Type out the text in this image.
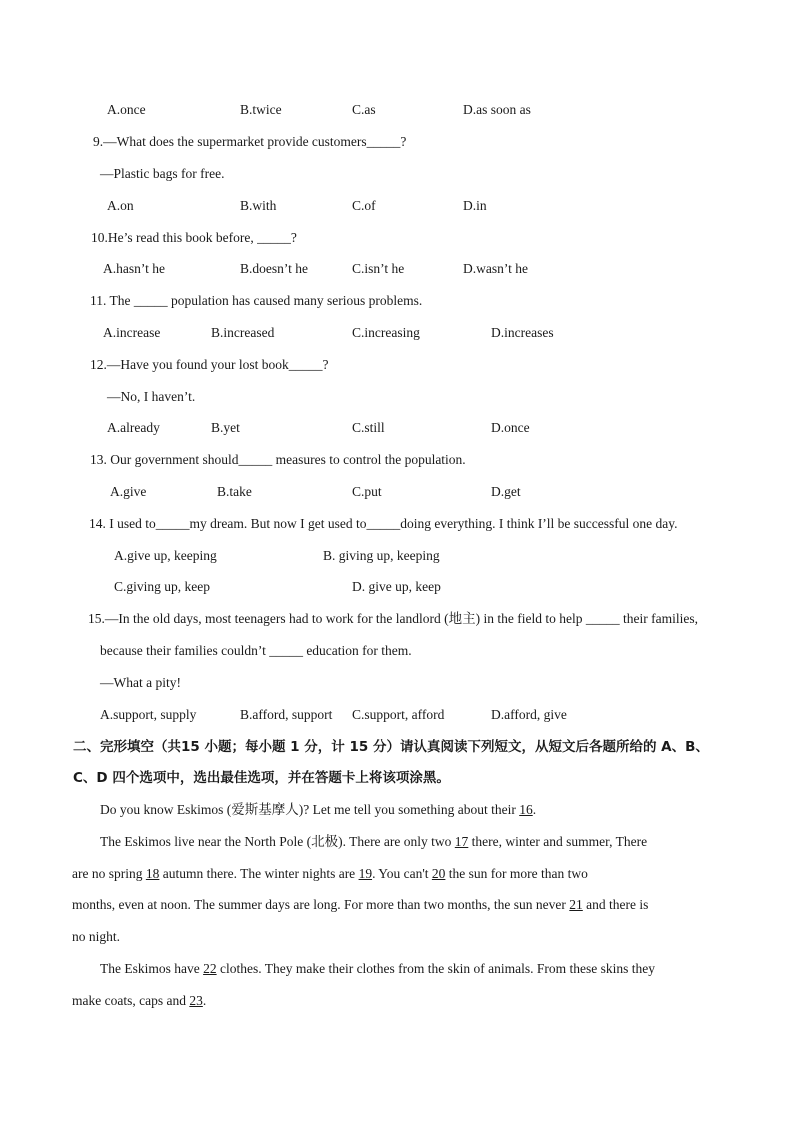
A.once	B.twice	C.as	D.as soon as
9.—What does the supermarket provide customers_____?
—Plastic bags for free.
A.on	B.with	C.of	D.in
10.He’s read this book before, _____?
A.hasn’t he	B.doesn’t he	C.isn’t he	D.wasn’t he
11. The _____ population has caused many serious problems.
A.increase	B.increased	C.increasing	D.increases
12.—Have you found your lost book_____?
—No, I haven’t.
A.already	B.yet	C.still	D.once
13. Our government should_____ measures to control the population.
A.give	B.take	C.put	D.get
14. I used to_____my dream. But now I get used to_____doing everything. I think I’ll be successful one day.
A.give up, keeping	B. giving up, keeping
C.giving up, keep	D. give up, keep
15.—In the old days, most teenagers had to work for the landlord (地主) in the field to help _____ their families,
because their families couldn’t _____ education for them.
—What a pity!
A.support, supply	B.afford, support C.support, afford	D.afford, give
二、完形填空（共15 小题；每小题 1 分，计 15 分）请认真阅读下列短文，从短文后各题所给的 A、B、
C、D 四个选项中，选出最佳选项，并在答题卡上将该项涂黑。
Do you know Eskimos (爱斯基摩人)? Let me tell you something about their 16.
The Eskimos live near the North Pole (北极). There are only two 17 there, winter and summer, There
are no spring 18 autumn there. The winter nights are 19. You can't 20 the sun for more than two
months, even at noon. The summer days are long. For more than two months, the sun never 21 and there is
no night.
The Eskimos have 22 clothes. They make their clothes from the skin of animals. From these skins they
make coats, caps and 23.
